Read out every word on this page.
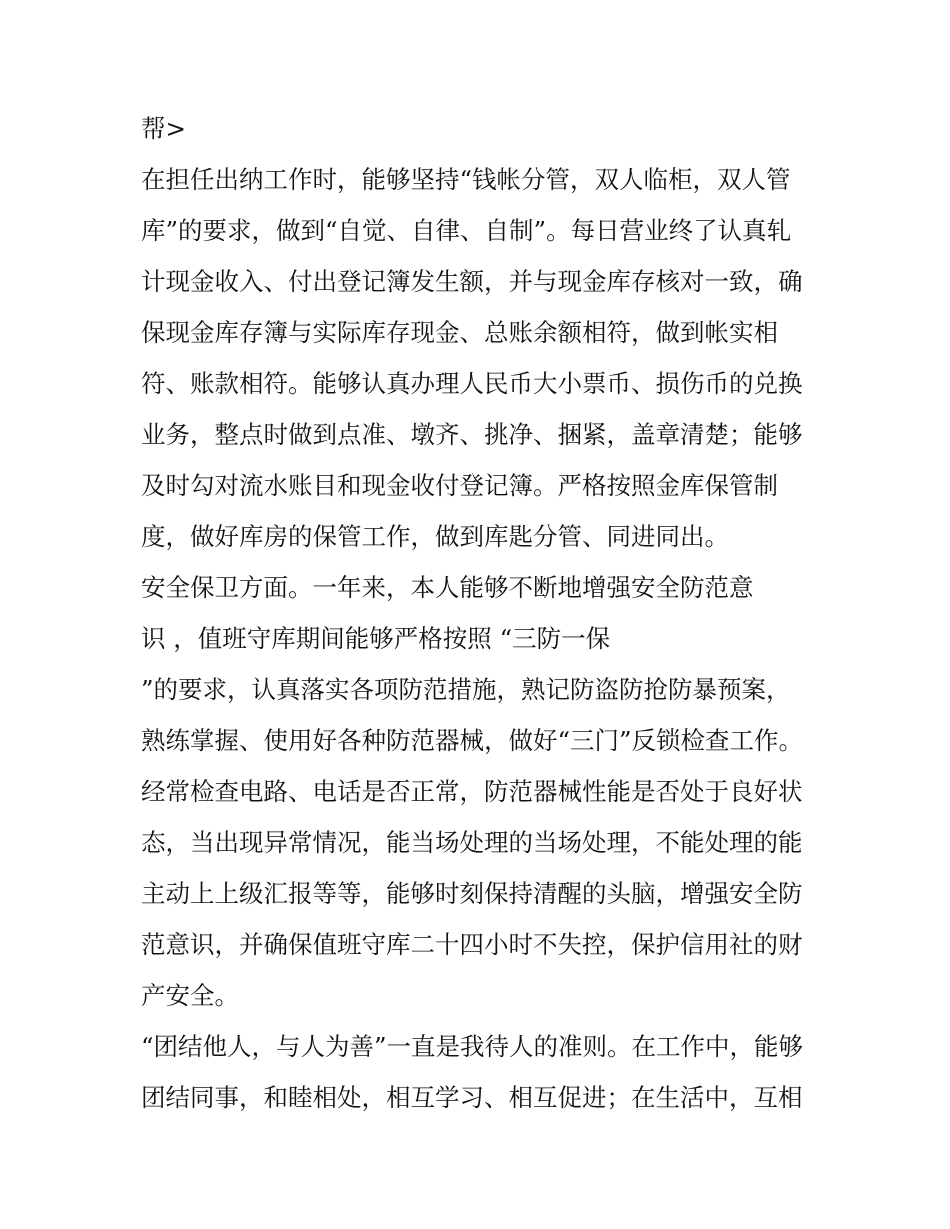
帮>
在担任出纳工作时，能够坚持“钱帐分管，双人临柜，双人管
库”的要求，做到“自觉、自律、自制”。每日营业终了认真轧
计现金收入、付出登记簿发生额，并与现金库存核对一致，确
保现金库存簿与实际库存现金、总账余额相符，做到帐实相
符、账款相符。能够认真办理人民币大小票币、损伤币的兑换
业务，整点时做到点准、墩齐、挑净、捆紧，盖章清楚；能够
及时勾对流水账目和现金收付登记簿。严格按照金库保管制
度，做好库房的保管工作，做到库匙分管、同进同出。
安全保卫方面。一年来，本人能够不断地增强安全防范意
识 ，值班守库期间能够严格按照 “三防一保
”的要求，认真落实各项防范措施，熟记防盗防抢防暴预案，
熟练掌握、使用好各种防范器械，做好“三门”反锁检查工作。
经常检查电路、电话是否正常，防范器械性能是否处于良好状
态，当出现异常情况，能当场处理的当场处理，不能处理的能
主动上上级汇报等等，能够时刻保持清醒的头脑，增强安全防
范意识，并确保值班守库二十四小时不失控，保护信用社的财
产安全。
“团结他人，与人为善”一直是我待人的准则。在工作中，能够
团结同事，和睦相处，相互学习、相互促进；在生活中，互相
